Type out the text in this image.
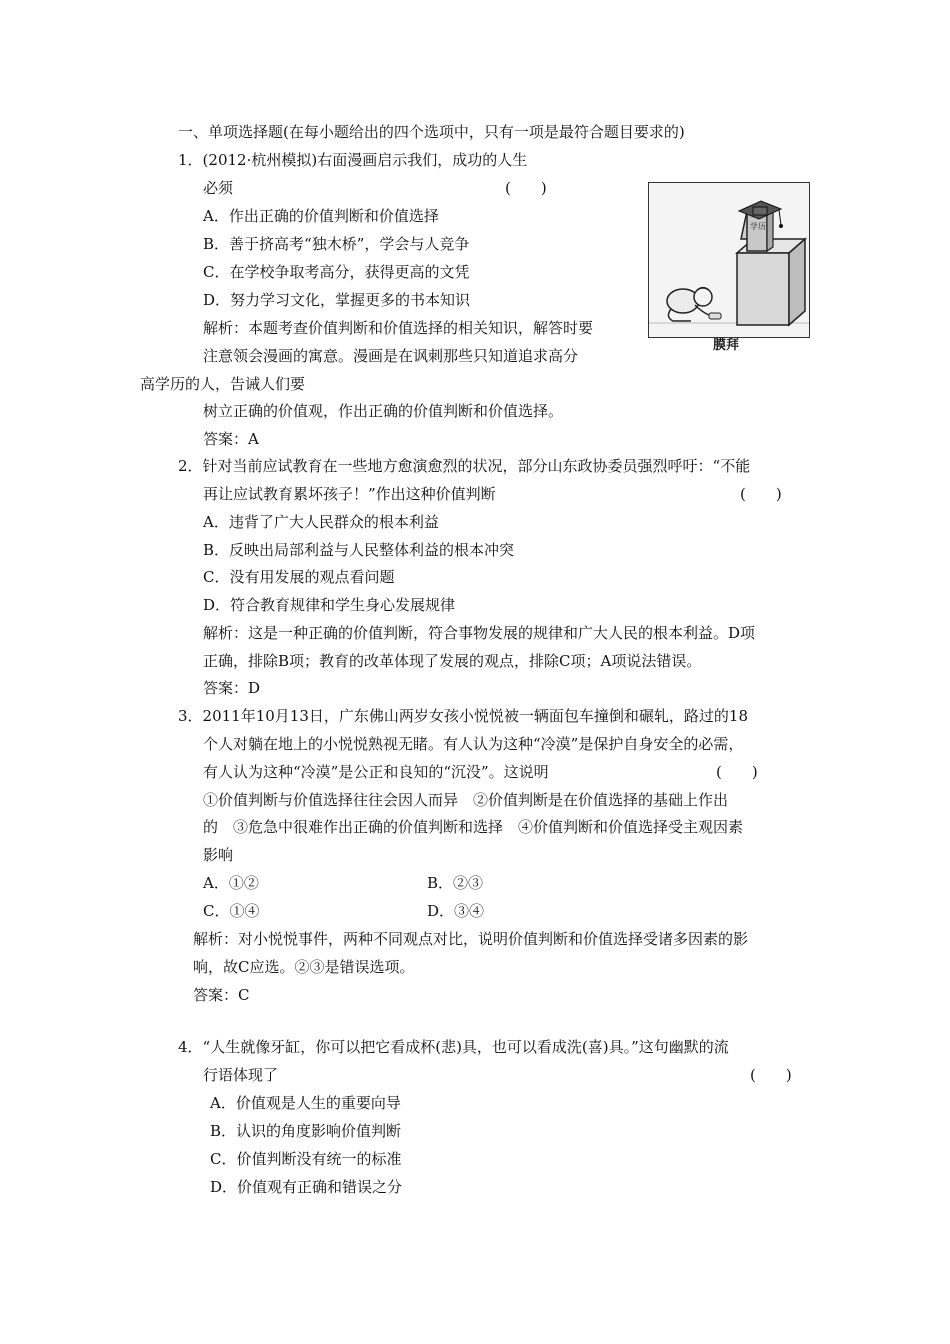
一、单项选择题(在每小题给出的四个选项中，只有一项是最符合题目要求的)
1．(2012·杭州模拟)右面漫画启示我们，成功的人生
必须	(　　)
A．作出正确的价值判断和价值选择
B．善于挤高考“独木桥”，学会与人竞争
C．在学校争取考高分，获得更高的文凭
D．努力学习文化，掌握更多的书本知识
解析：本题考查价值判断和价值选择的相关知识，解答时要
注意领会漫画的寓意。漫画是在讽刺那些只知道追求高分
高学历的人，告诫人们要
树立正确的价值观，作出正确的价值判断和价值选择。
答案：A
学历
膜拜
2．针对当前应试教育在一些地方愈演愈烈的状况，部分山东政协委员强烈呼吁：“不能
再让应试教育累坏孩子！”作出这种价值判断	(　　)
A．违背了广大人民群众的根本利益
B．反映出局部利益与人民整体利益的根本冲突
C．没有用发展的观点看问题
D．符合教育规律和学生身心发展规律
解析：这是一种正确的价值判断，符合事物发展的规律和广大人民的根本利益。D项
正确，排除B项；教育的改革体现了发展的观点，排除C项；A项说法错误。
答案：D
3．2011年10月13日，广东佛山两岁女孩小悦悦被一辆面包车撞倒和碾轧，路过的18
个人对躺在地上的小悦悦熟视无睹。有人认为这种“冷漠”是保护自身安全的必需，
有人认为这种“冷漠”是公正和良知的“沉没”。这说明	(　　)
①价值判断与价值选择往往会因人而异　②价值判断是在价值选择的基础上作出
的　③危急中很难作出正确的价值判断和选择　④价值判断和价值选择受主观因素
影响
A．①②	B．②③
C．①④	D．③④
解析：对小悦悦事件，两种不同观点对比，说明价值判断和价值选择受诸多因素的影
响，故C应选。②③是错误选项。
答案：C
4．“人生就像牙缸，你可以把它看成杯(悲)具，也可以看成洗(喜)具。”这句幽默的流
行语体现了	(　　)
A．价值观是人生的重要向导
B．认识的角度影响价值判断
C．价值判断没有统一的标准
D．价值观有正确和错误之分
